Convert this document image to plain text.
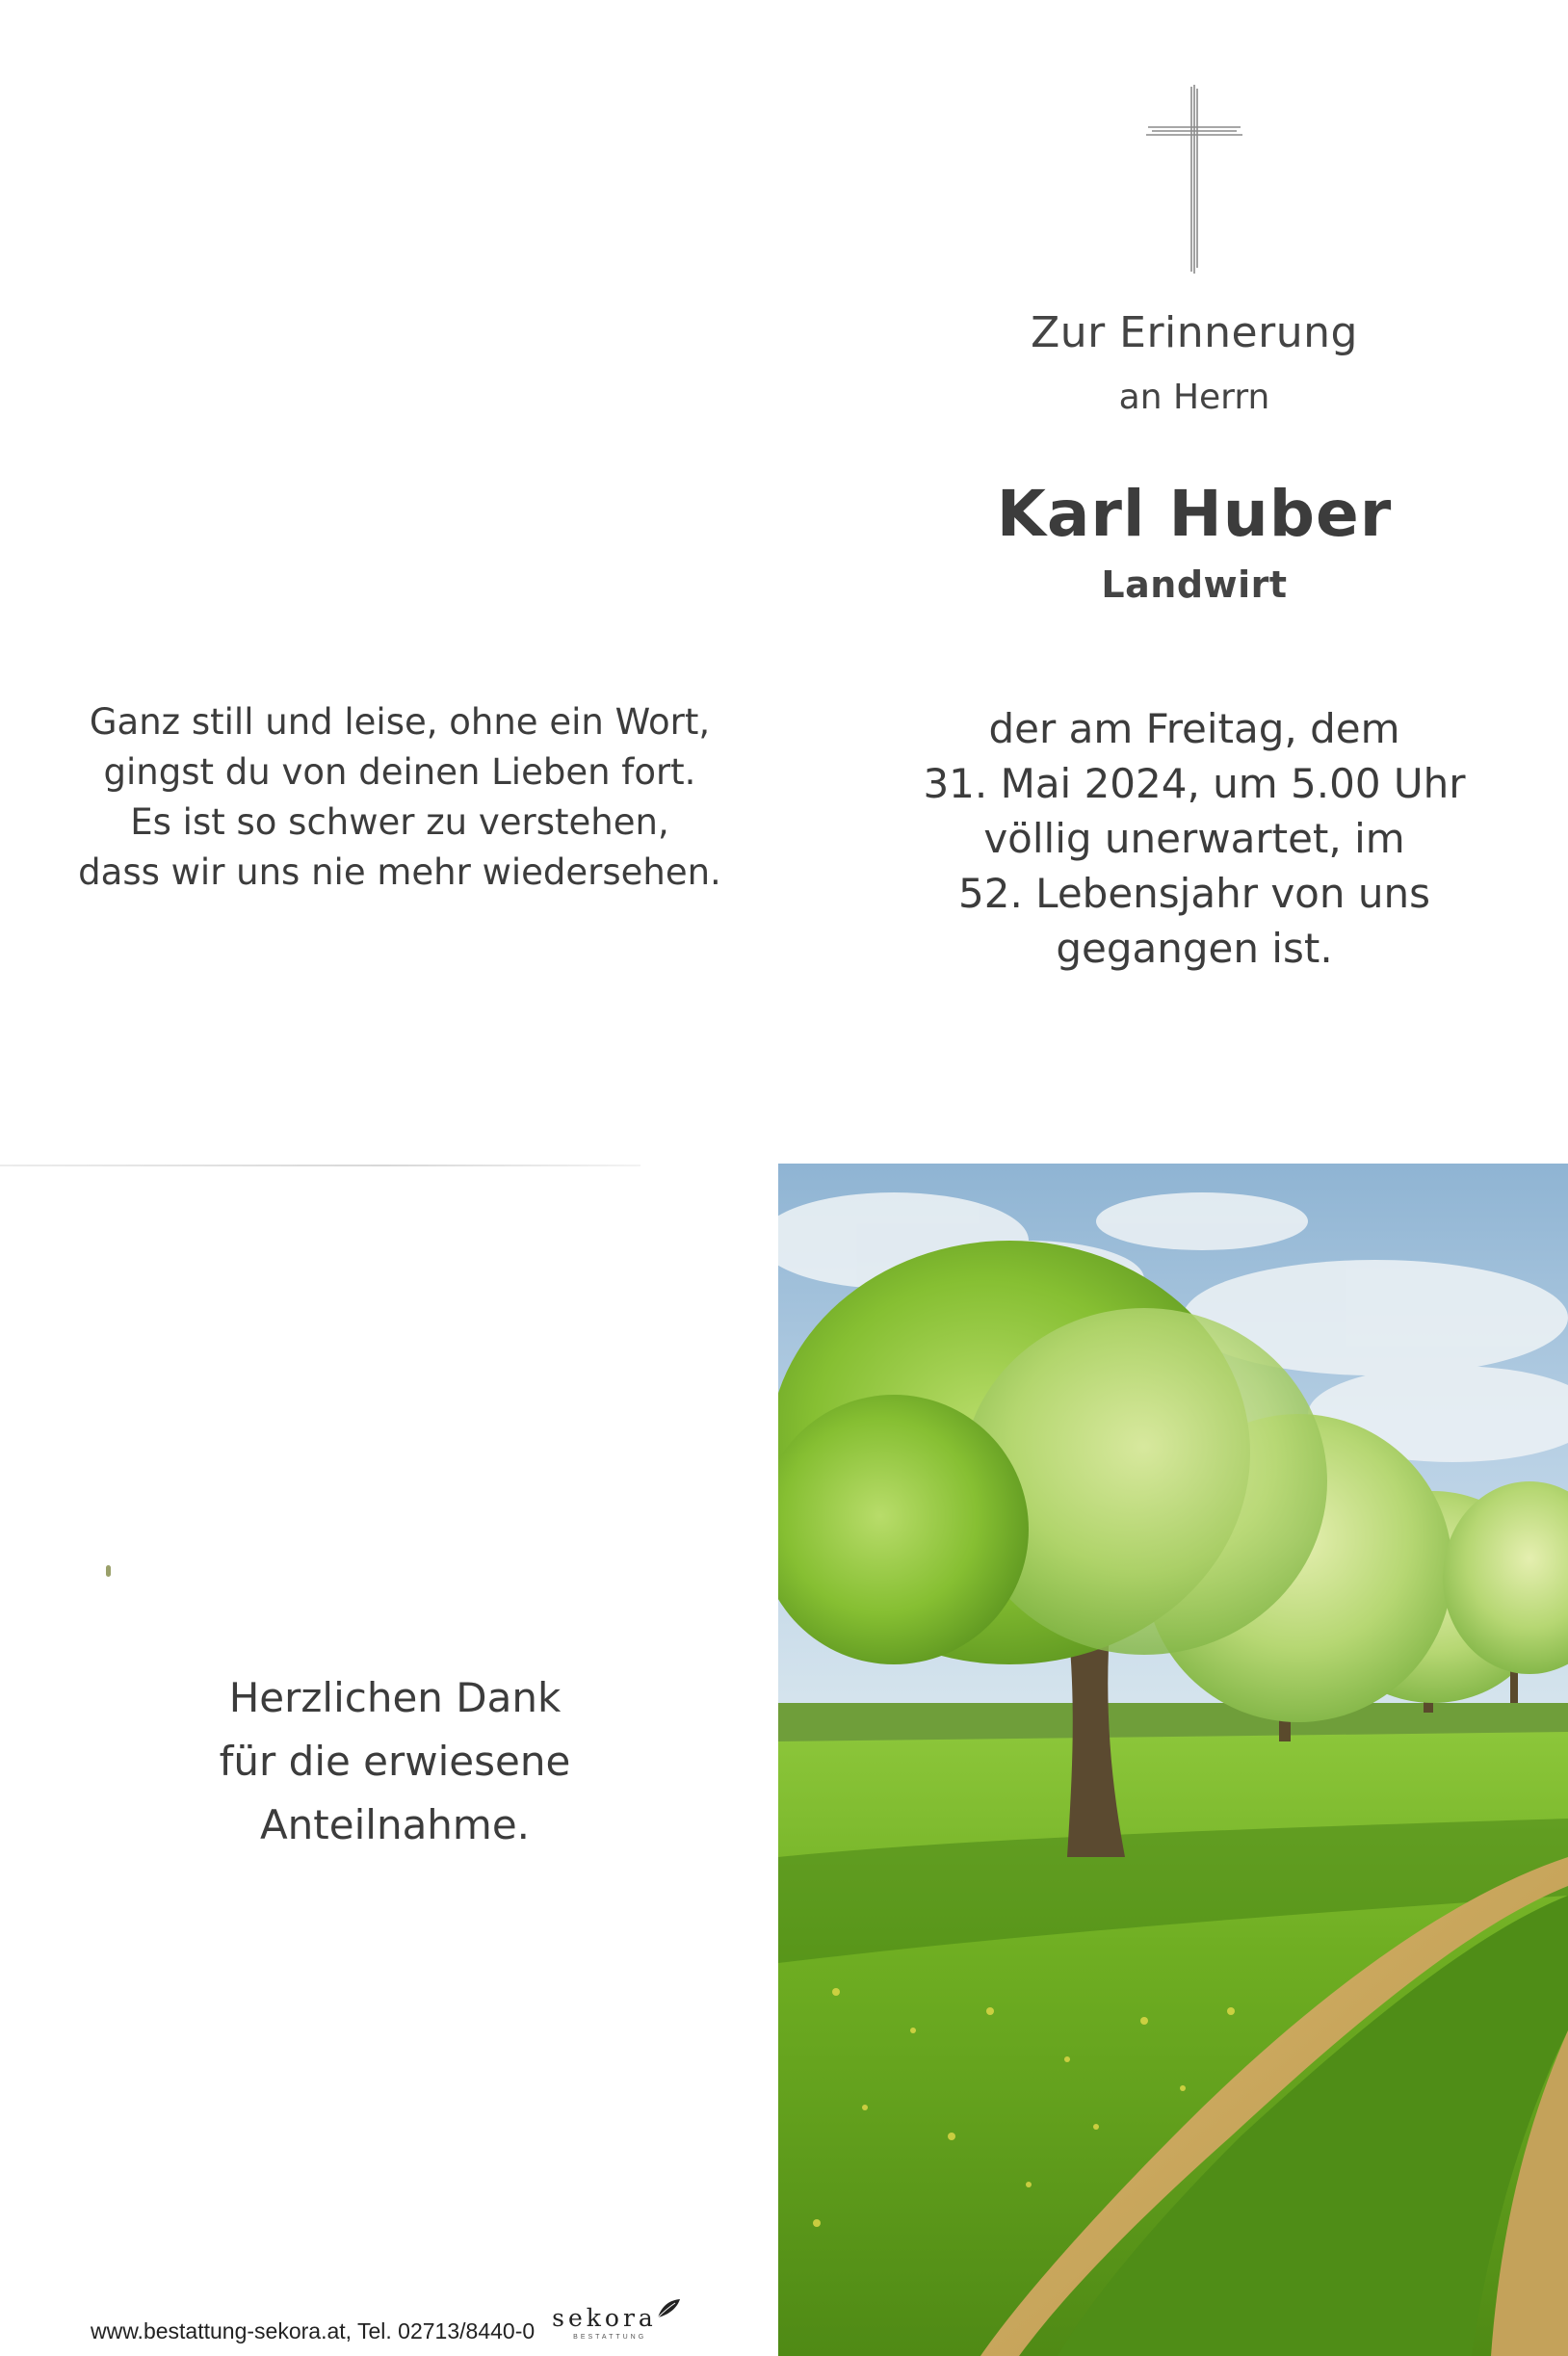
Zur Erinnerung
an Herrn
Karl Huber
Landwirt
der am Freitag, dem
31. Mai 2024, um 5.00 Uhr
völlig unerwartet, im
52. Lebensjahr von uns
gegangen ist.
Ganz still und leise, ohne ein Wort,
gingst du von deinen Lieben fort.
Es ist so schwer zu verstehen,
dass wir uns nie mehr wiedersehen.
Herzlichen Dank
für die erwiesene
Anteilnahme.
www.bestattung-sekora.at, Tel. 02713/8440-0 sekora
BESTATTUNG
